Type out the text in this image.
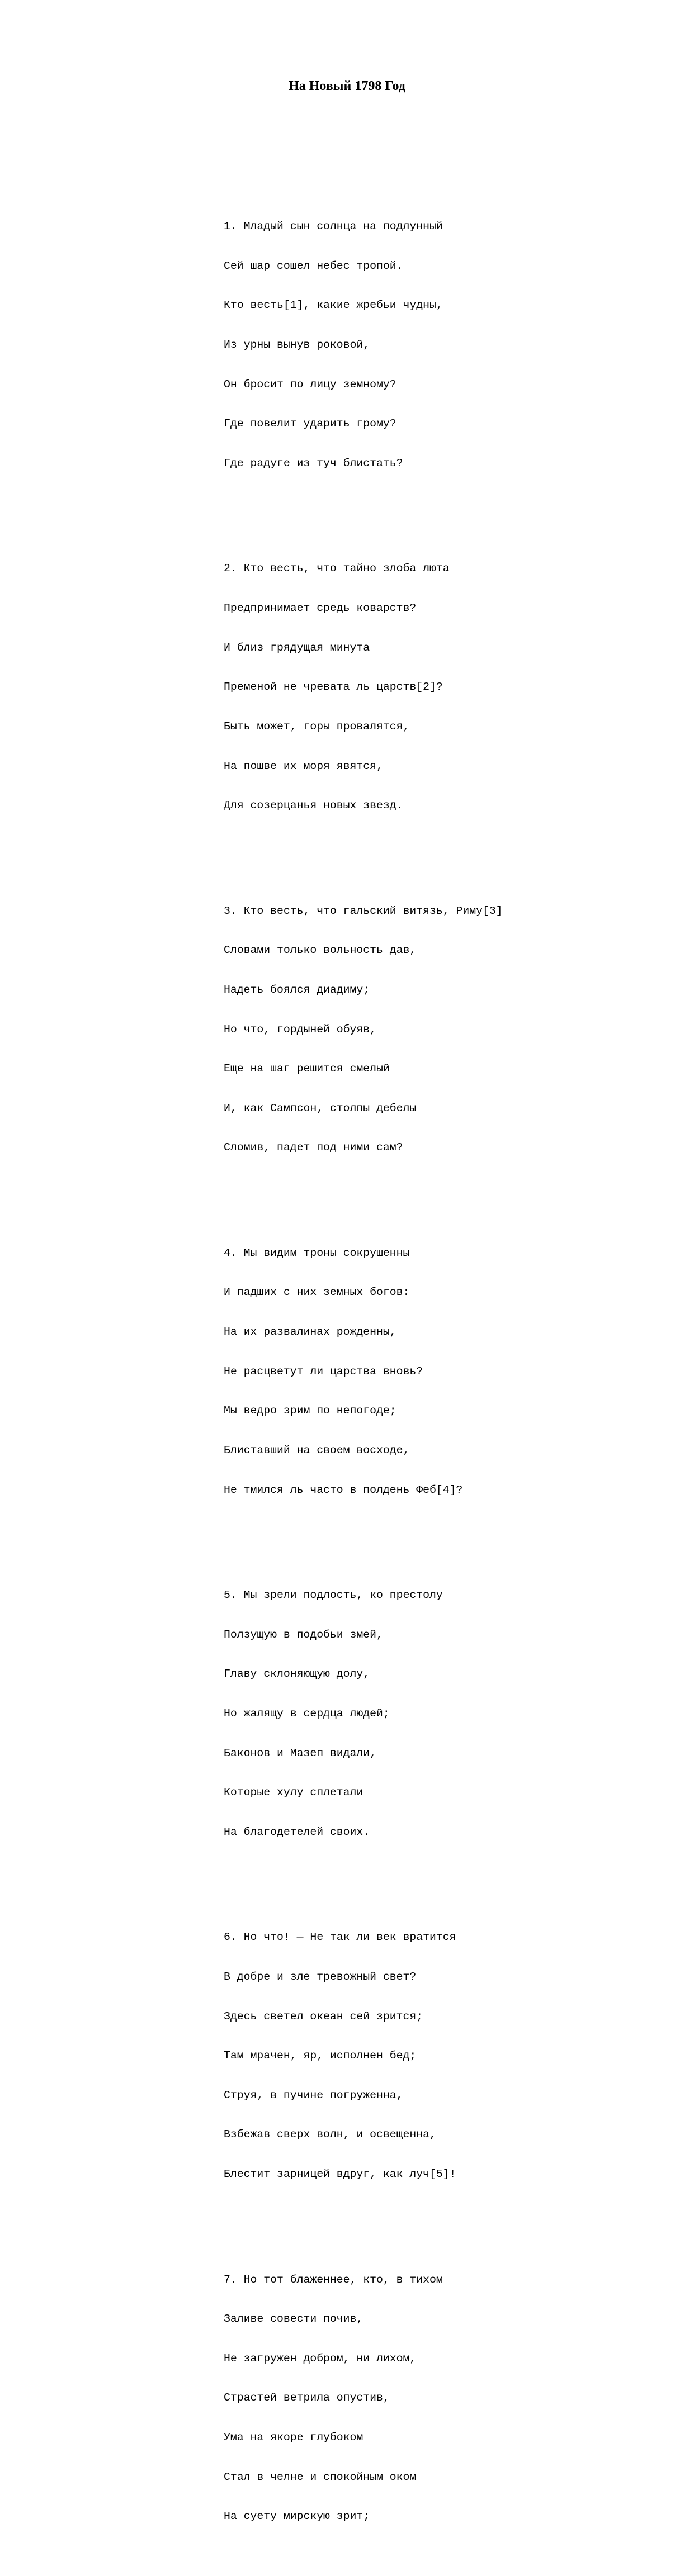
На Новый 1798 Год

1. Младый сын солнца на подлунный

Сей шар сошел небес тропой.

Кто весть[1], какие жребьи чудны,

Из урны вынув роковой,

Он бросит по лицу земному?

Где повелит ударить грому?

Где радуге из туч блистать?

2. Кто весть, что тайно злоба люта

Предпринимает средь коварств?

И близ грядущая минута

Пременой не чревата ль царств[2]?

Быть может, горы провалятся,

На пошве их моря явятся,

Для созерцанья новых звезд.

3. Кто весть, что гальский витязь, Риму[3]

Словами только вольность дав,

Надеть боялся диадиму;

Но что, гордыней обуяв,

Еще на шаг решится смелый

И, как Сампсон, столпы дебелы

Сломив, падет под ними сам?

4. Мы видим троны сокрушенны

И падших с них земных богов:

На их развалинах рожденны,

Не расцветут ли царства вновь?

Мы ведро зрим по непогоде;

Блиставший на своем восходе,

Не тмился ль часто в полдень Феб[4]?

5. Мы зрели подлость, ко престолу

Ползущую в подобьи змей,

Главу склоняющую долу,

Но жалящу в сердца людей;

Баконов и Мазеп видали,

Которые хулу сплетали

На благодетелей своих.

6. Но что! — Не так ли век вратится

В добре и зле тревожный свет?

Здесь светел океан сей зрится;

Там мрачен, яр, исполнен бед;

Струя, в пучине погруженна,

Взбежав сверх волн, и освещенна,

Блестит зарницей вдруг, как луч[5]!

7. Но тот блаженнее, кто, в тихом

Заливе совести почив,

Не загружен добром, ни лихом,

Страстей ветрила опустив,

Ума на якоре глубоком

Стал в челне и спокойным оком

На суету мирскую зрит;
